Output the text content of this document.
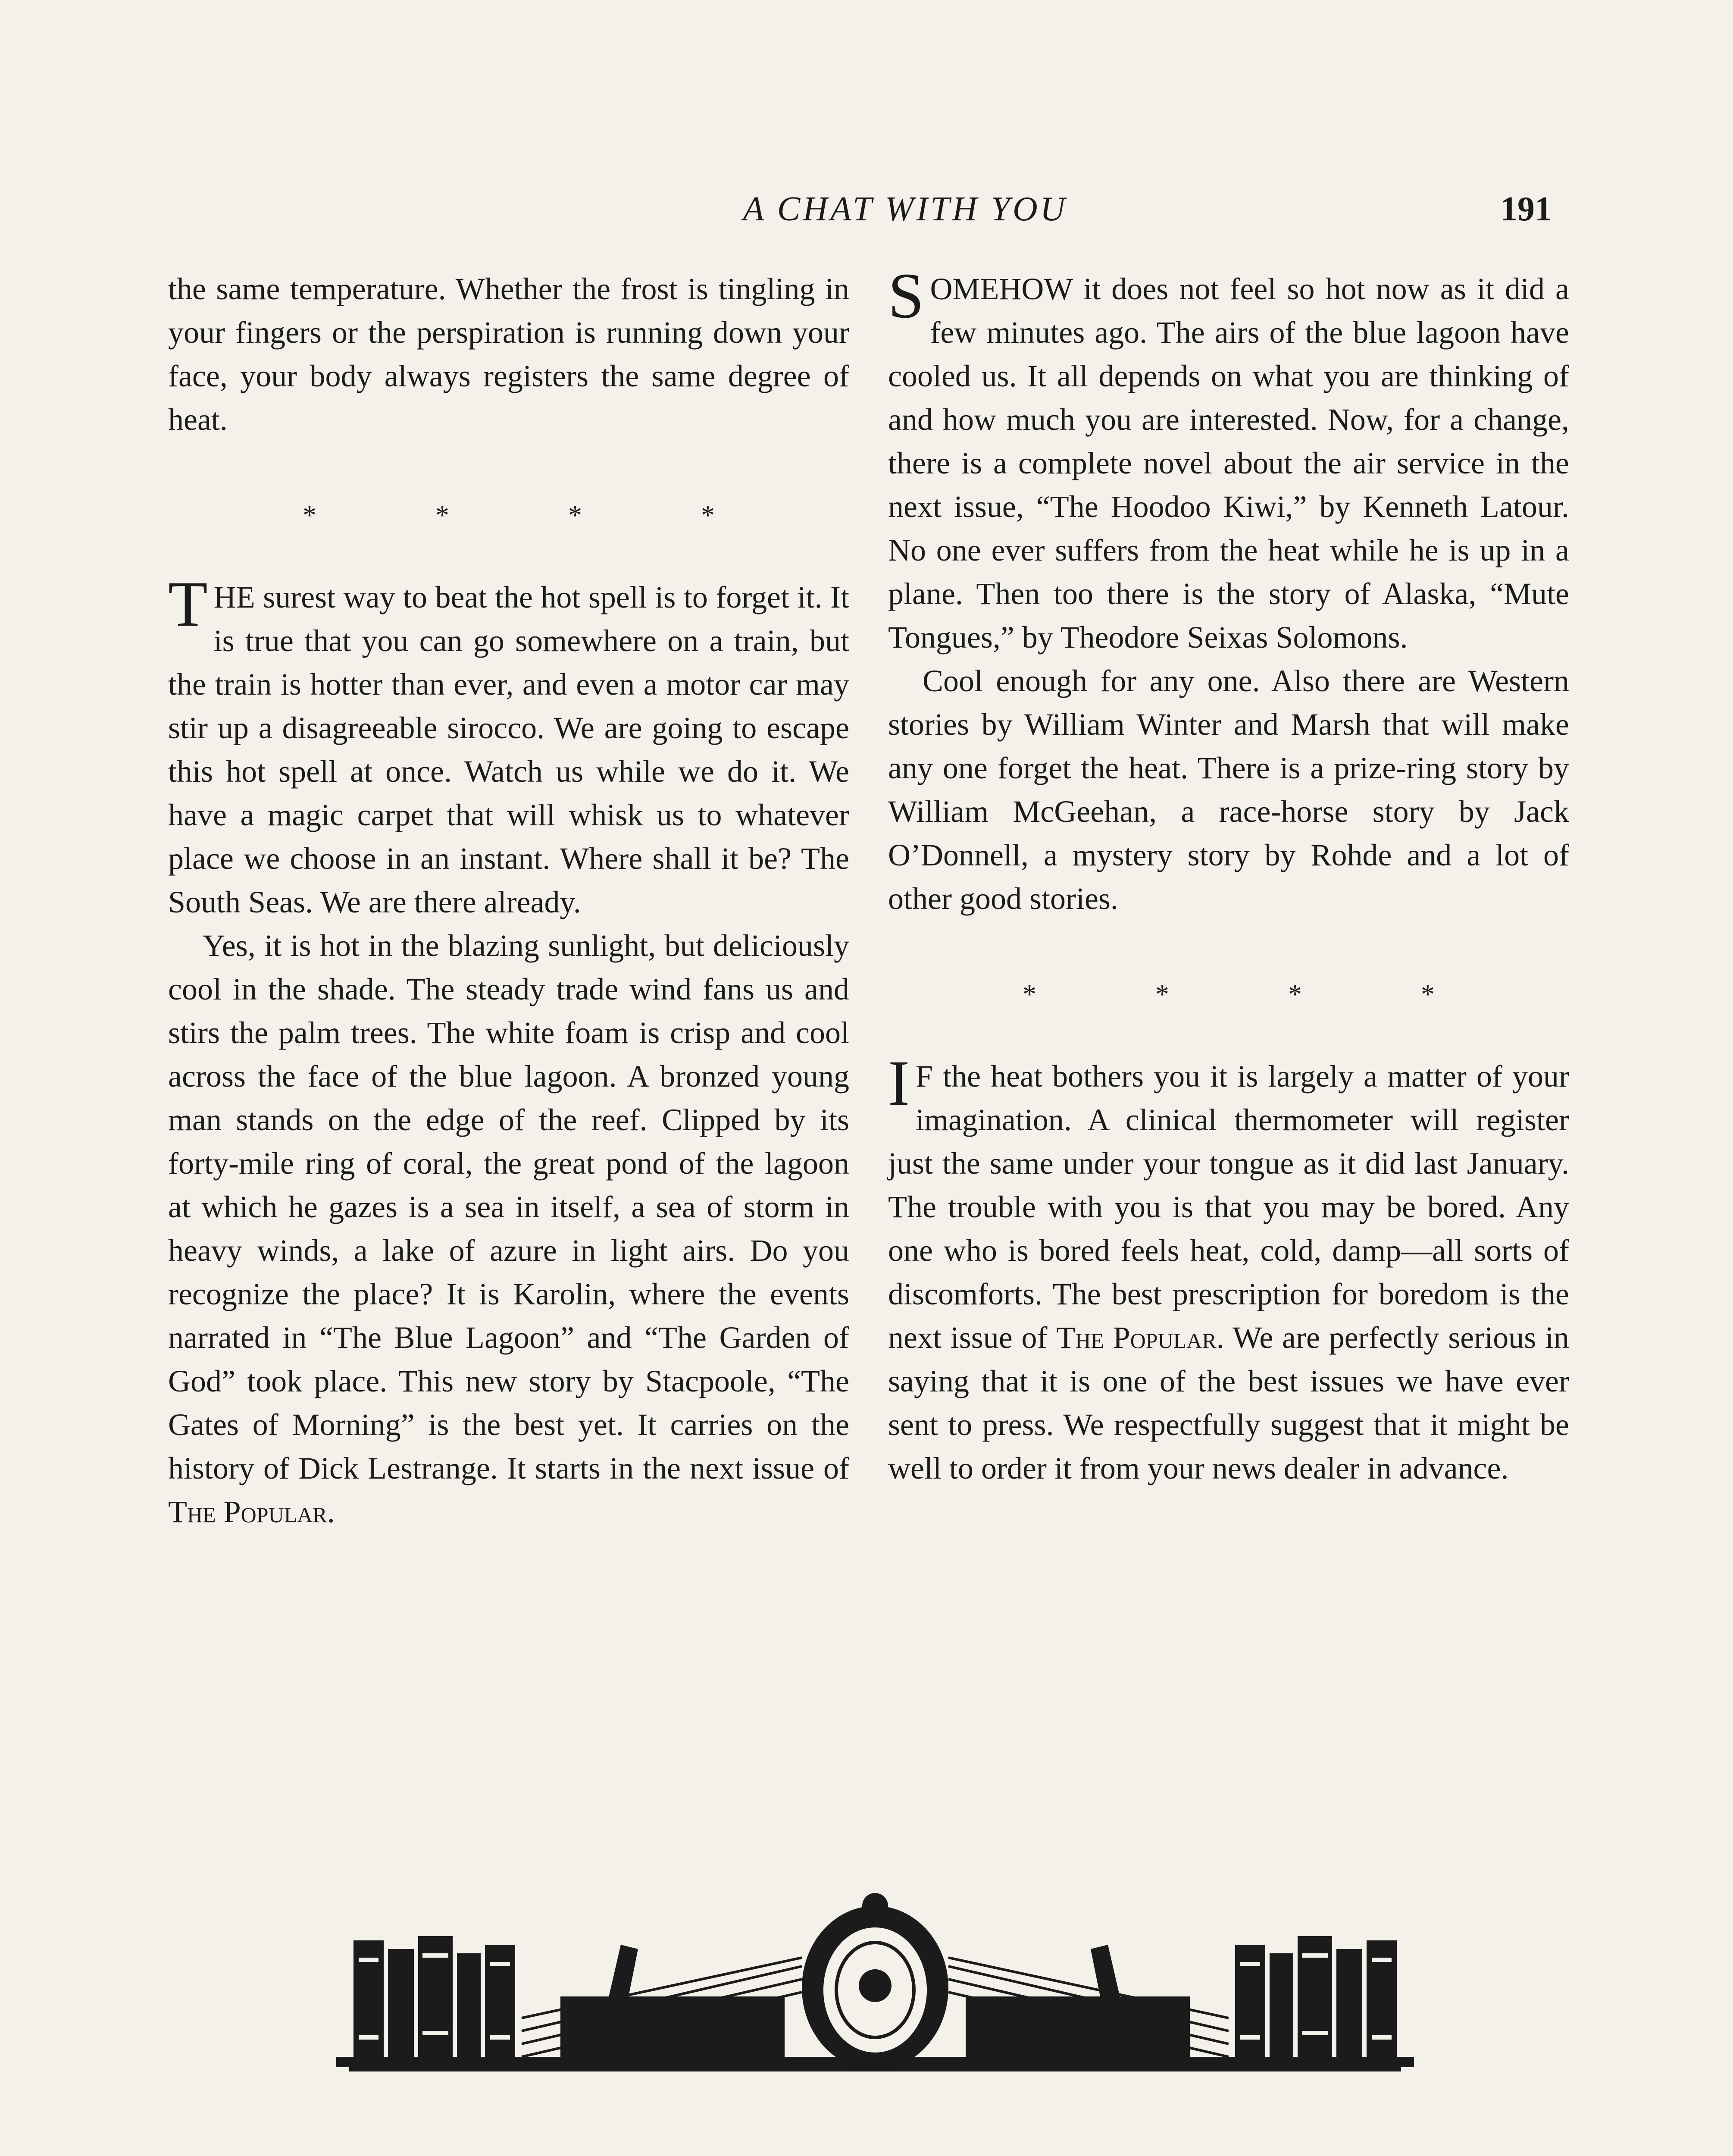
A CHAT WITH YOU	191

the same temperature. Whether the frost is tingling in your fingers or the perspiration is running down your face, your body always registers the same degree of heat.

* * * *

THE surest way to beat the hot spell is to forget it. It is true that you can go somewhere on a train, but the train is hotter than ever, and even a motor car may stir up a disagreeable sirocco. We are going to escape this hot spell at once. Watch us while we do it. We have a magic carpet that will whisk us to whatever place we choose in an instant. Where shall it be? The South Seas. We are there already.

Yes, it is hot in the blazing sunlight, but deliciously cool in the shade. The steady trade wind fans us and stirs the palm trees. The white foam is crisp and cool across the face of the blue lagoon. A bronzed young man stands on the edge of the reef. Clipped by its forty-mile ring of coral, the great pond of the lagoon at which he gazes is a sea in itself, a sea of storm in heavy winds, a lake of azure in light airs. Do you recognize the place? It is Karolin, where the events narrated in “The Blue Lagoon” and “The Garden of God” took place. This new story by Stacpoole, “The Gates of Morning” is the best yet. It carries on the history of Dick Lestrange. It starts in the next issue of The Popular.

SOMEHOW it does not feel so hot now as it did a few minutes ago. The airs of the blue lagoon have cooled us. It all depends on what you are thinking of and how much you are interested. Now, for a change, there is a complete novel about the air service in the next issue, “The Hoodoo Kiwi,” by Kenneth Latour. No one ever suffers from the heat while he is up in a plane. Then too there is the story of Alaska, “Mute Tongues,” by Theodore Seixas Solomons.

Cool enough for any one. Also there are Western stories by William Winter and Marsh that will make any one forget the heat. There is a prize-ring story by William McGeehan, a race-horse story by Jack O’Donnell, a mystery story by Rohde and a lot of other good stories.

* * * *

I F the heat bothers you it is largely a matter of your imagination. A clinical thermometer will register just the same under your tongue as it did last January. The trouble with you is that you may be bored. Any one who is bored feels heat, cold, damp—all sorts of discomforts. The best prescription for boredom is the next issue of The Popular. We are perfectly serious in saying that it is one of the best issues we have ever sent to press. We respectfully suggest that it might be well to order it from your news dealer in advance.
